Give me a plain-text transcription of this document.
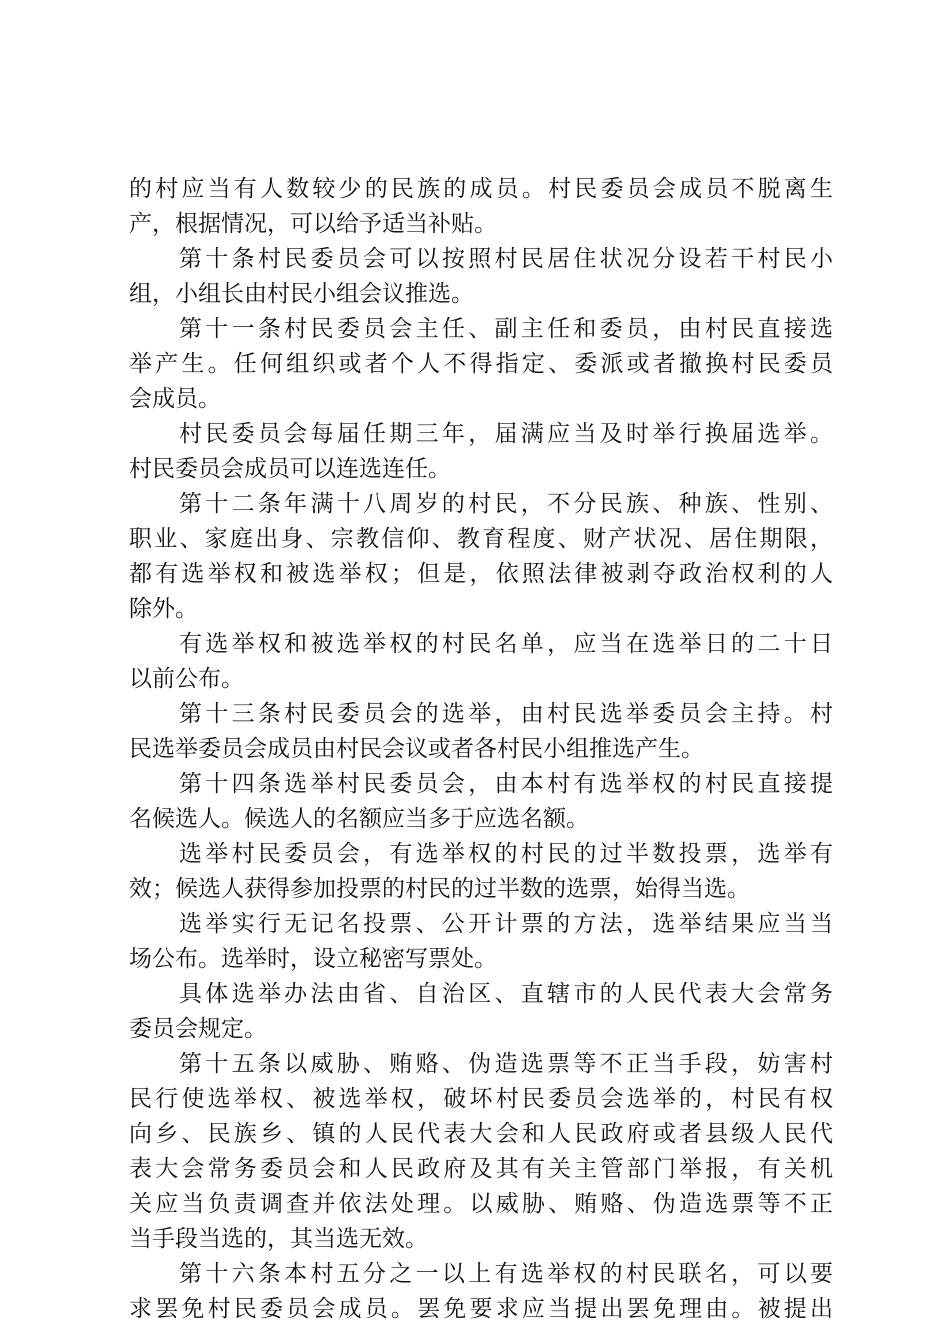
的村应当有人数较少的民族的成员。村民委员会成员不脱离生
产，根据情况，可以给予适当补贴。
第十条村民委员会可以按照村民居住状况分设若干村民小
组，小组长由村民小组会议推选。
第十一条村民委员会主任、副主任和委员，由村民直接选
举产生。任何组织或者个人不得指定、委派或者撤换村民委员
会成员。
村民委员会每届任期三年，届满应当及时举行换届选举。
村民委员会成员可以连选连任。
第十二条年满十八周岁的村民，不分民族、种族、性别、
职业、家庭出身、宗教信仰、教育程度、财产状况、居住期限，
都有选举权和被选举权；但是，依照法律被剥夺政治权利的人
除外。
有选举权和被选举权的村民名单，应当在选举日的二十日
以前公布。
第十三条村民委员会的选举，由村民选举委员会主持。村
民选举委员会成员由村民会议或者各村民小组推选产生。
第十四条选举村民委员会，由本村有选举权的村民直接提
名候选人。候选人的名额应当多于应选名额。
选举村民委员会，有选举权的村民的过半数投票，选举有
效；候选人获得参加投票的村民的过半数的选票，始得当选。
选举实行无记名投票、公开计票的方法，选举结果应当当
场公布。选举时，设立秘密写票处。
具体选举办法由省、自治区、直辖市的人民代表大会常务
委员会规定。
第十五条以威胁、贿赂、伪造选票等不正当手段，妨害村
民行使选举权、被选举权，破坏村民委员会选举的，村民有权
向乡、民族乡、镇的人民代表大会和人民政府或者县级人民代
表大会常务委员会和人民政府及其有关主管部门举报，有关机
关应当负责调查并依法处理。以威胁、贿赂、伪造选票等不正
当手段当选的，其当选无效。
第十六条本村五分之一以上有选举权的村民联名，可以要
求罢免村民委员会成员。罢免要求应当提出罢免理由。被提出
